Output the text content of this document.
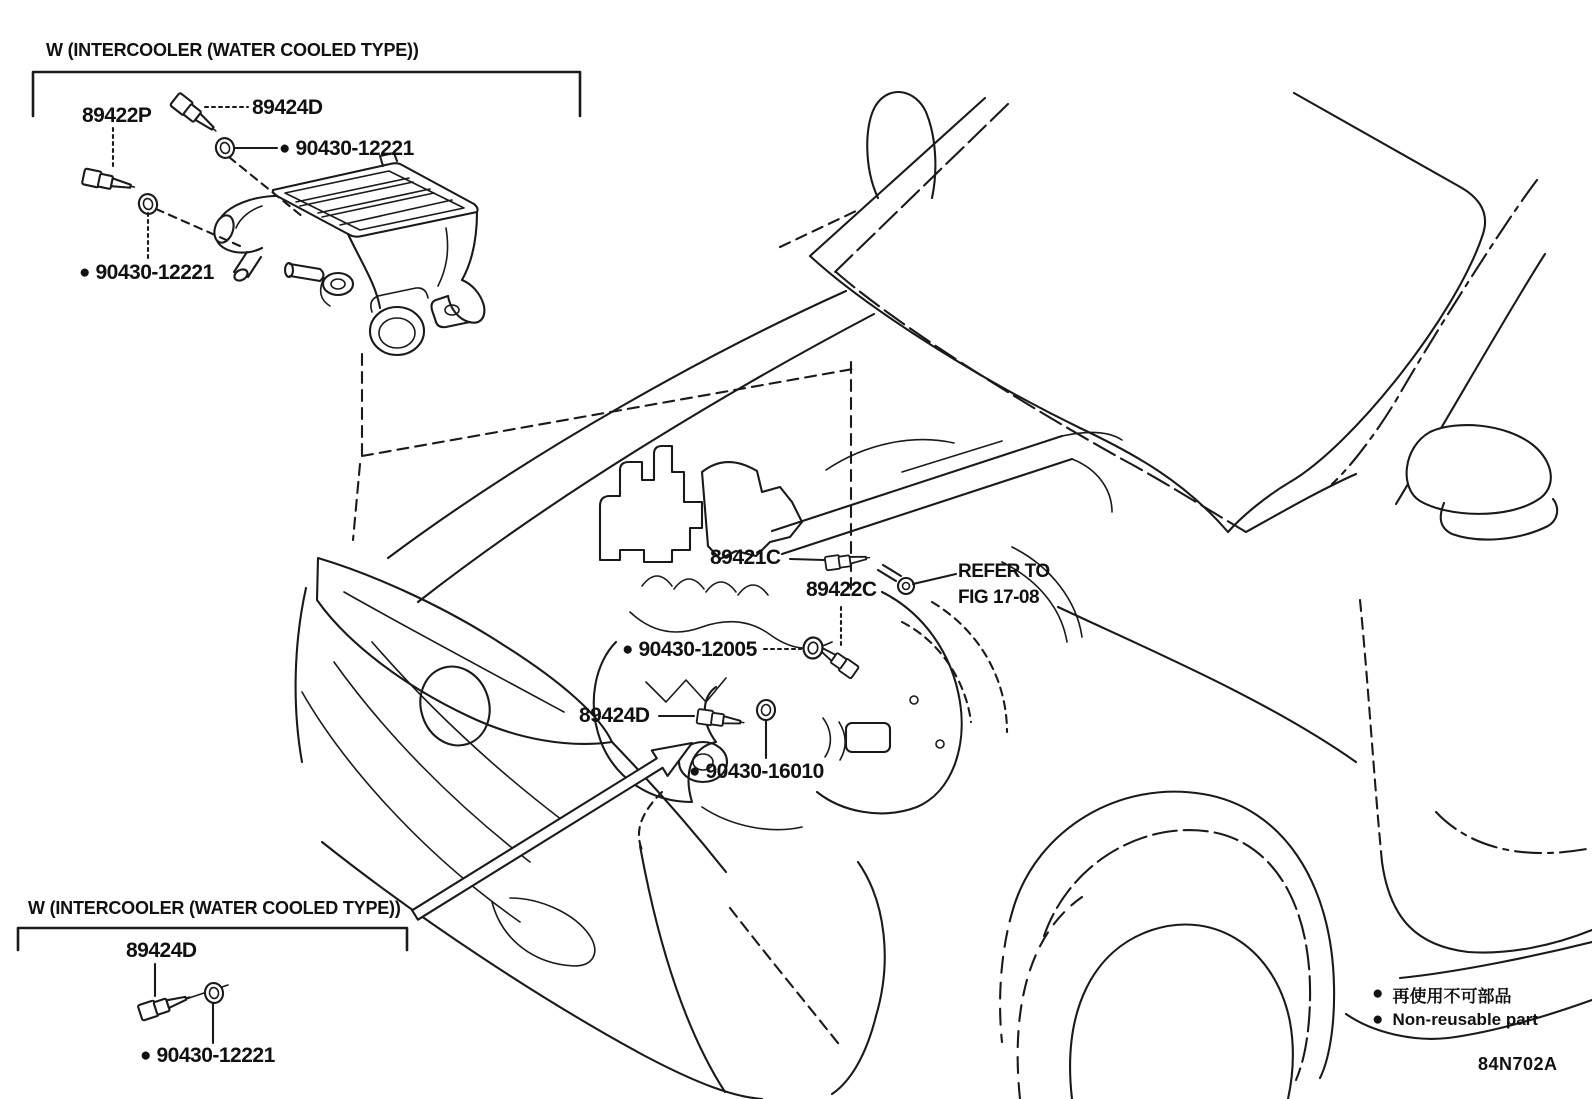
W (INTERCOOLER (WATER COOLED TYPE))
89422P	89424D
● 90430-12221
● 90430-12221
89421C
REFER TO
FIG 17-08
89422C
● 90430-12005
89424D
● 90430-16010
W (INTERCOOLER (WATER COOLED TYPE))
89424D
● 90430-12221
● 再使用不可部品
● Non-reusable part
84N702A
